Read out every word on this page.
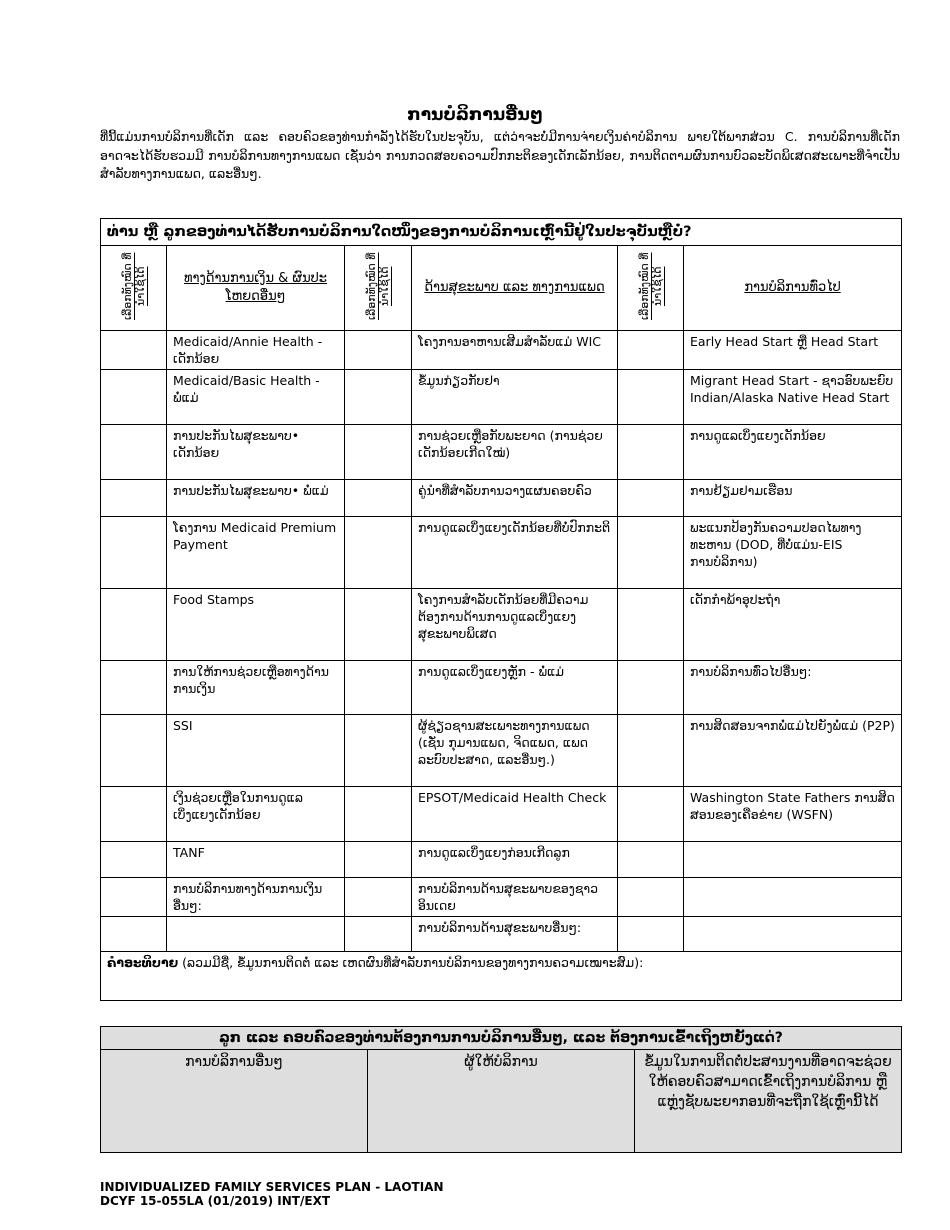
ການບໍລິການອື່ນໆ
ທີ່ນີ້ແມ່ນການບໍລິການທີ່ເດັກ ແລະ ຄອບຄົວຂອງທ່ານກຳລັງໄດ້ຮັບໃນປະຈຸບັນ, ແຕ່ວ່າຈະບໍ່ມີການຈ່າຍເງິນຄ່າບໍລິການ ພາຍໃຕ້ພາກສ່ວນ C. ການບໍລິການທີ່ເດັກອາດຈະໄດ້ຮັບຮວມມີ ການບໍລິການທາງການແພດ ເຊັ່ນວ່າ ການກວດສອບຄວາມປົກກະຕິຂອງເດັກເລັກນ້ອຍ, ການຕິດຕາມຜົນການບົວລະບັດພິເສດສະເພາະທີ່ຈຳເປັນ ສຳລັບທາງການແພດ, ແລະອື່ນໆ.
ທ່ານ ຫຼື ລູກຂອງທ່ານໄດ້ຮັບການບໍລິການໃດໜຶ່ງຂອງການບໍລິການເຫຼົ່ານີ້ຢູ່ໃນປະຈຸບັນຫຼືບໍ່?					
ເລືອກທັງໝົດ ທີ່ນຳໃຊ້ໄດ້	ທາງດ້ານການເງິນ & ຜົນປະໂຫຍດອື່ນໆ	ເລືອກທັງໝົດ ທີ່ນຳໃຊ້ໄດ້	ດ້ານສຸຂະພາບ ແລະ ທາງການແພດ	ເລືອກທັງໝົດ ທີ່ນຳໃຊ້ໄດ້	ການບໍລິການທົ່ວໄປ

	Medicaid/Annie Health - ເດັກນ້ອຍ		ໂຄງການອາຫານເສີມສຳລັບແມ່ WIC		Early Head Start ຫຼື Head Start
	Medicaid/Basic Health - ພໍ່ແມ່		ຂໍ້ມູນກ່ຽວກັບຢາ		Migrant Head Start - ຊາວອົບພະຍົບ
Indian/Alaska Native Head Start
	ການປະກັນໄພສຸຂະພາບ• ເດັກນ້ອຍ		ການຊ່ວຍເຫຼືອກັບພະຍາດ (ການຊ່ວຍເດັກນ້ອຍເກີດໃໝ່)		ການດູແລເບິ່ງແຍງເດັກນ້ອຍ
	ການປະກັນໄພສຸຂະພາບ• ພໍ່ແມ່		ຄູ່ນຳທີ່ສຳລັບການວາງແຜນຄອບຄົວ		ການຢ້ຽມຢາມເຮືອນ
	ໂຄງການ Medicaid Premium Payment		ການດູແລເບິ່ງແຍງເດັກນ້ອຍທີ່ບໍ່ປົກກະຕິ		ພະແນກປ້ອງກັນຄວາມປອດໄພທາງທະຫານ (DOD, ທີ່ບໍ່ແມ່ນ-EIS
ການບໍລິການ)
	Food Stamps		ໂຄງການສຳລັບເດັກນ້ອຍທີ່ມີຄວາມຕ້ອງການດ້ານການດູແລເບິ່ງແຍງສຸຂະພາບພິເສດ		ເດັກກຳພ້າອຸປະຖໍາ
	ການໃຫ້ການຊ່ວຍເຫຼືອທາງດ້ານການເງິນ		ການດູແລເບິ່ງແຍງຫຼັກ - ພໍ່ແມ່		ການບໍລິການທົ່ວໄປອື່ນໆ:
	SSI		ຜູ້ຊ່ຽວຊານສະເພາະທາງການແພດ (ເຊັ່ນ ກຸມານແພດ, ຈິດແພດ, ແພດລະບົບປະສາດ, ແລະອື່ນໆ.)		ການສິດສອນຈາກພໍ່ແມ່ໄປຍັງພໍ່ແມ່ (P2P)
	ເງິນຊ່ວຍເຫຼືອໃນການດູແລເບິ່ງແຍງເດັກນ້ອຍ		EPSOT/Medicaid Health Check		Washington State Fathers ການສິດສອນຂອງເຄືອຂ່າຍ (WSFN)
	TANF		ການດູແລເບິ່ງແຍງກ່ອນເກີດລູກ		
	ການບໍລິການທາງດ້ານການເງິນອື່ນໆ:		ການບໍລິການດ້ານສຸຂະພາບຂອງຊາວອິນເດຍ		
			ການບໍລິການດ້ານສຸຂະພາບອື່ນໆ:		
ຄຳອະທິບາຍ (ລວມມີຊື່, ຂໍ້ມູນການຕິດຕໍ່ ແລະ ເຫດຜົນທີ່ສຳລັບການບໍລິການຂອງທາງການຄວາມເໝາະສົມ):					
ລູກ ແລະ ຄອບຄົວຂອງທ່ານຕ້ອງການການບໍລິການອື່ນໆ, ແລະ ຕ້ອງການເຂົ້າເຖິງຫຍັງແດ່?
ການບໍລິການອື່ນໆ	ຜູ້ໃຫ້ບໍລິການ	ຂໍ້ມູນໃນການຕິດຕໍ່ປະສານງານທີ່ອາດຈະຊ່ວຍໃຫ້ຄອບຄົວສາມາດເຂົ້າເຖິງການບໍລິການ ຫຼື ແຫຼ່ງຊັບພະຍາກອນທີ່ຈະຖືກໃຊ້ເຫຼົ່ານີ້ໄດ້
INDIVIDUALIZED FAMILY SERVICES PLAN - LAOTIAN
DCYF 15-055LA (01/2019) INT/EXT
